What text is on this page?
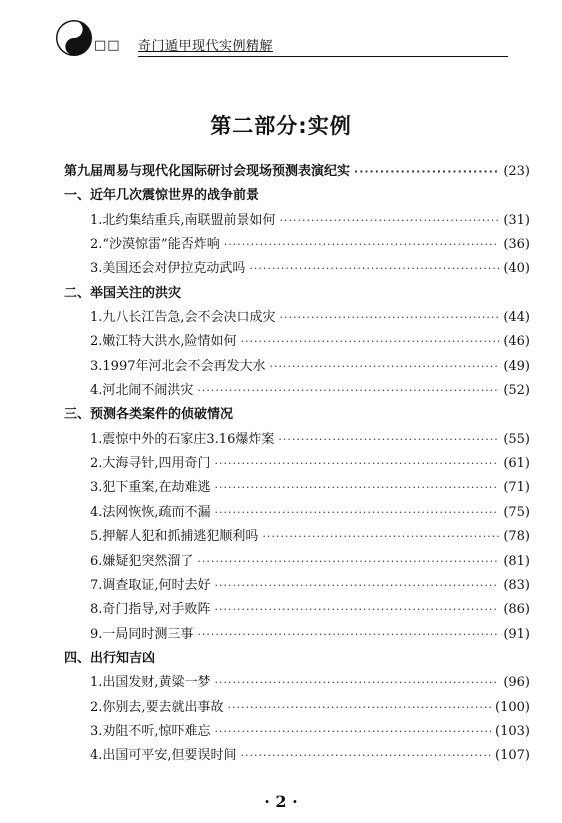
□□ 奇门遁甲现代实例精解
第二部分:实例
第九届周易与现代化国际研讨会现场预测表演纪实 ·····	(23)
一、近年几次震惊世界的战争前景
1.北约集结重兵,南联盟前景如何 ·····	(31)
2.“沙漠惊雷”能否炸响 ·····	(36)
3.美国还会对伊拉克动武吗 ·····	(40)
二、举国关注的洪灾
1.九八长江告急,会不会决口成灾 ·····	(44)
2.嫩江特大洪水,险情如何 ·····	(46)
3.1997年河北会不会再发大水 ·····	(49)
4.河北闹不闹洪灾 ·····	(52)
三、预测各类案件的侦破情况
1.震惊中外的石家庄3.16爆炸案 ·····	(55)
2.大海寻针,四用奇门 ·····	(61)
3.犯下重案,在劫难逃 ·····	(71)
4.法网恢恢,疏而不漏 ·····	(75)
5.押解人犯和抓捕逃犯顺利吗 ·····	(78)
6.嫌疑犯突然溜了 ·····	(81)
7.调查取证,何时去好 ·····	(83)
8.奇门指导,对手败阵 ·····	(86)
9.一局同时测三事 ·····	(91)
四、出行知吉凶
1.出国发财,黄粱一梦 ·····	(96)
2.你别去,要去就出事故 ·····	(100)
3.劝阻不听,惊吓难忘 ·····	(103)
4.出国可平安,但要误时间 ·····	(107)
· 2 ·
